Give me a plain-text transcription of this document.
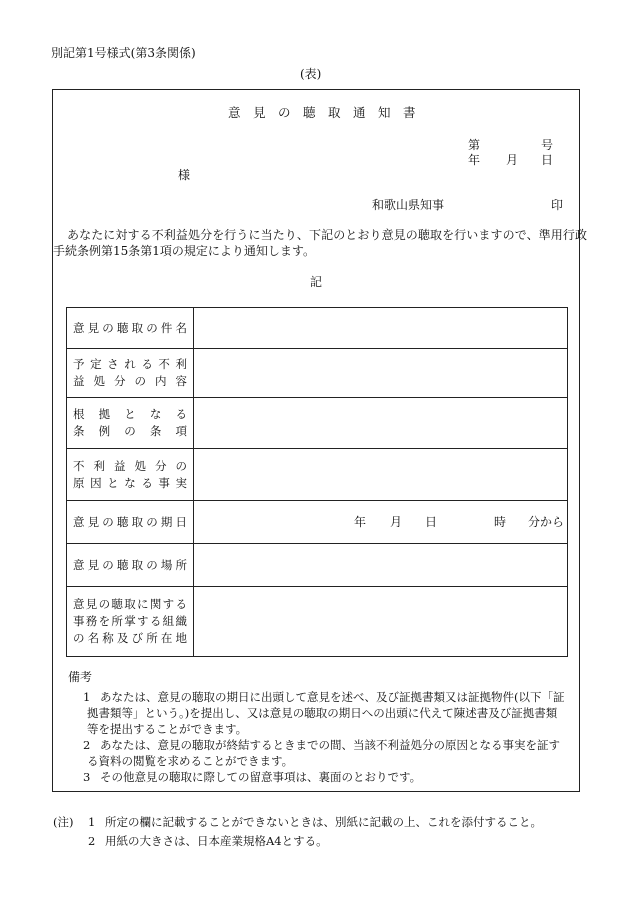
別記第1号様式(第3条関係)
(表)
意　見　の　聴　取　通　知　書
第	号
年 月 日
様
和歌山県知事	印
あなたに対する不利益処分を行うに当たり、下記のとおり意見の聴取を行いますので、準用行政
手続条例第15条第1項の規定により通知します。
記
意見の聴取の件名	

予定される不利
益処分の内容	

根　拠　と　な　る
条　例　の　条　項	

不利益処分の
原因となる事実	

意見の聴取の期日	年 月 日 時 分から

意見の聴取の場所	

意見の聴取に関する
事務を所掌する組織
の名称及び所在地	

備考
1 あなたは、意見の聴取の期日に出頭して意見を述べ、及び証拠書類又は証拠物件(以下「証
拠書類等」という。)を提出し、又は意見の聴取の期日への出頭に代えて陳述書及び証拠書類
等を提出することができます。
2 あなたは、意見の聴取が終結するときまでの間、当該不利益処分の原因となる事実を証す
る資料の閲覧を求めることができます。
3 その他意見の聴取に際しての留意事項は、裏面のとおりです。
(注) 1 所定の欄に記載することができないときは、別紙に記載の上、これを添付すること。
2 用紙の大きさは、日本産業規格A4とする。
